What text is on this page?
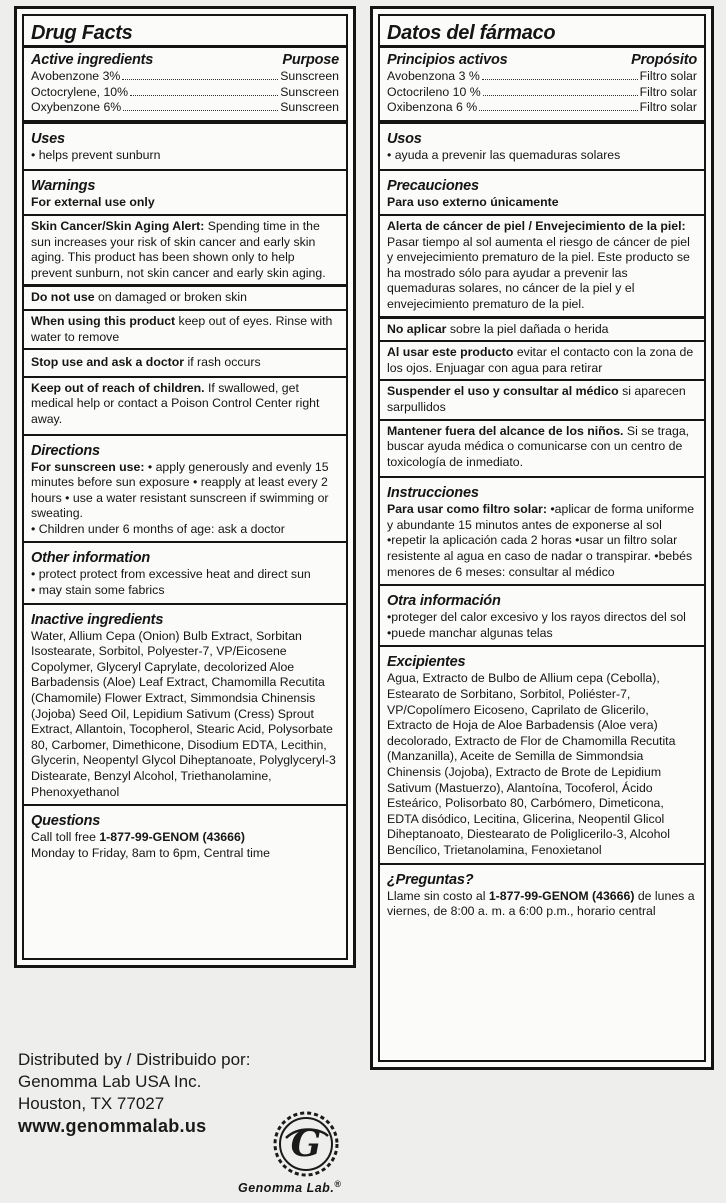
Drug Facts
Active ingredients	Purpose
Avobenzone 3%	Sunscreen
Octocrylene, 10%	Sunscreen
Oxybenzone 6%	Sunscreen
Uses
• helps prevent sunburn
Warnings
For external use only
Skin Cancer/Skin Aging Alert: Spending time in the sun increases your risk of skin cancer and early skin aging. This product has been shown only to help prevent sunburn, not skin cancer and early skin aging.
Do not use on damaged or broken skin
When using this product keep out of eyes. Rinse with water to remove
Stop use and ask a doctor if rash occurs
Keep out of reach of children. If swallowed, get medical help or contact a Poison Control Center right away.
Directions
For sunscreen use: • apply generously and evenly 15 minutes before sun exposure • reapply at least every 2 hours • use a water resistant sunscreen if swimming or sweating.
• Children under 6 months of age: ask a doctor
Other information
• protect protect from excessive heat and direct sun
• may stain some fabrics
Inactive ingredients
Water, Allium Cepa (Onion) Bulb Extract, Sorbitan Isostearate, Sorbitol, Polyester-7, VP/Eicosene Copolymer, Glyceryl Caprylate, decolorized Aloe Barbadensis (Aloe) Leaf Extract, Chamomilla Recutita (Chamomile) Flower Extract, Simmondsia Chinensis (Jojoba) Seed Oil, Lepidium Sativum (Cress) Sprout Extract, Allantoin, Tocopherol, Stearic Acid, Polysorbate 80, Carbomer, Dimethicone, Disodium EDTA, Lecithin, Glycerin, Neopentyl Glycol Diheptanoate, Polyglyceryl-3 Distearate, Benzyl Alcohol, Triethanolamine, Phenoxyethanol
Questions
Call toll free 1-877-99-GENOM (43666)
Monday to Friday, 8am to 6pm, Central time
Datos del fármaco
Principios activos	Propósito
Avobenzona 3 %	Filtro solar
Octocrileno 10 %	Filtro solar
Oxibenzona 6 %	Filtro solar
Usos
• ayuda a prevenir las quemaduras solares
Precauciones
Para uso externo únicamente
Alerta de cáncer de piel / Envejecimiento de la piel: Pasar tiempo al sol aumenta el riesgo de cáncer de piel y envejecimiento prematuro de la piel. Este producto se ha mostrado sólo para ayudar a prevenir las quemaduras solares, no cáncer de la piel y el envejecimiento prematuro de la piel.
No aplicar sobre la piel dañada o herida
Al usar este producto evitar el contacto con la zona de los ojos. Enjuagar con agua para retirar
Suspender el uso y consultar al médico si aparecen sarpullidos
Mantener fuera del alcance de los niños. Si se traga, buscar ayuda médica o comunicarse con un centro de toxicología de inmediato.
Instrucciones
Para usar como filtro solar: •aplicar de forma uniforme y abundante 15 minutos antes de exponerse al sol •repetir la aplicación cada 2 horas •usar un filtro solar resistente al agua en caso de nadar o transpirar. •bebés menores de 6 meses: consultar al médico
Otra información
•proteger del calor excesivo y los rayos directos del sol •puede manchar algunas telas
Excipientes
Agua, Extracto de Bulbo de Allium cepa (Cebolla), Estearato de Sorbitano, Sorbitol, Poliéster-7, VP/Copolímero Eicoseno, Caprilato de Glicerilo, Extracto de Hoja de Aloe Barbadensis (Aloe vera) decolorado, Extracto de Flor de Chamomilla Recutita (Manzanilla), Aceite de Semilla de Simmondsia Chinensis (Jojoba), Extracto de Brote de Lepidium Sativum (Mastuerzo), Alantoína, Tocoferol, Ácido Esteárico, Polisorbato 80, Carbómero, Dimeticona, EDTA disódico, Lecitina, Glicerina, Neopentil Glicol Diheptanoato, Diestearato de Poliglicerilo-3, Alcohol Bencílico, Trietanolamina, Fenoxietanol
¿Preguntas?
Llame sin costo al 1-877-99-GENOM (43666) de lunes a viernes, de 8:00 a. m. a 6:00 p.m., horario central
Distributed by / Distribuido por:
Genomma Lab USA Inc.
Houston, TX 77027
www.genommalab.us G
Genomma Lab.®
